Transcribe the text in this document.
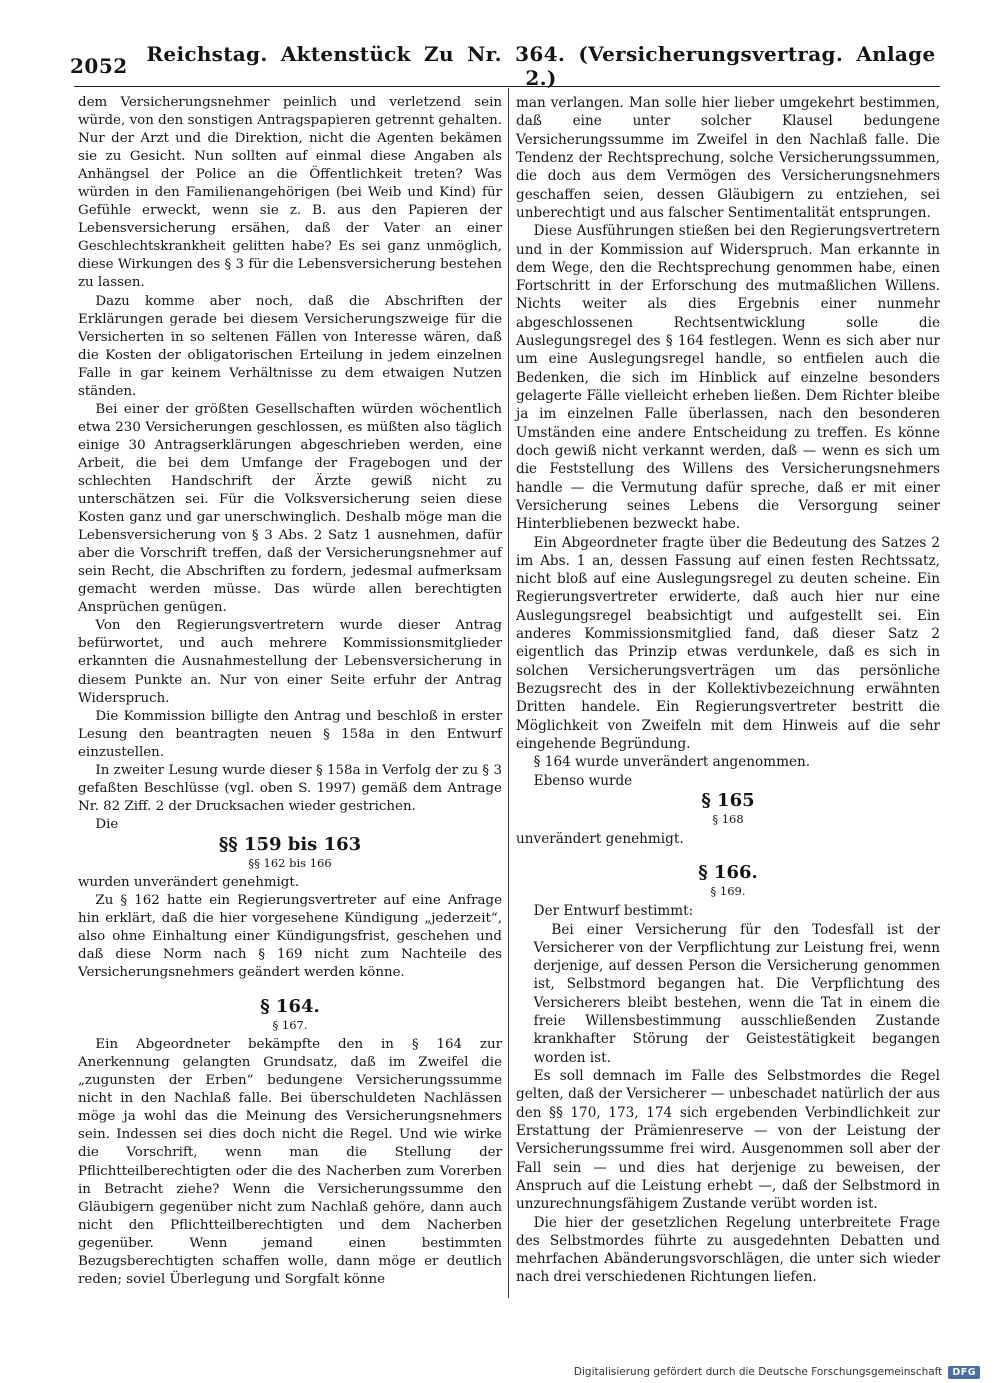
2052 Reichstag. Aktenstück Zu Nr. 364. (Versicherungsvertrag. Anlage 2.)

dem Versicherungsnehmer peinlich und verletzend sein würde, von den sonstigen Antragspapieren getrennt gehalten. Nur der Arzt und die Direktion, nicht die Agenten bekämen sie zu Gesicht. Nun sollten auf einmal diese Angaben als Anhängsel der Police an die Öffentlichkeit treten? Was würden in den Familienangehörigen (bei Weib und Kind) für Gefühle erweckt, wenn sie z. B. aus den Papieren der Lebensversicherung ersähen, daß der Vater an einer Geschlechtskrankheit gelitten habe? Es sei ganz unmöglich, diese Wirkungen des § 3 für die Lebensversicherung bestehen zu lassen.

Dazu komme aber noch, daß die Abschriften der Erklärungen gerade bei diesem Versicherungszweige für die Versicherten in so seltenen Fällen von Interesse wären, daß die Kosten der obligatorischen Erteilung in jedem einzelnen Falle in gar keinem Verhältnisse zu dem etwaigen Nutzen ständen.

Bei einer der größten Gesellschaften würden wöchentlich etwa 230 Versicherungen geschlossen, es müßten also täglich einige 30 Antragserklärungen abgeschrieben werden, eine Arbeit, die bei dem Umfange der Fragebogen und der schlechten Handschrift der Ärzte gewiß nicht zu unterschätzen sei. Für die Volksversicherung seien diese Kosten ganz und gar unerschwinglich. Deshalb möge man die Lebensversicherung von § 3 Abs. 2 Satz 1 ausnehmen, dafür aber die Vorschrift treffen, daß der Versicherungsnehmer auf sein Recht, die Abschriften zu fordern, jedesmal aufmerksam gemacht werden müsse. Das würde allen berechtigten Ansprüchen genügen.

Von den Regierungsvertretern wurde dieser Antrag befürwortet, und auch mehrere Kommissionsmitglieder erkannten die Ausnahmestellung der Lebensversicherung in diesem Punkte an. Nur von einer Seite erfuhr der Antrag Widerspruch.

Die Kommission billigte den Antrag und beschloß in erster Lesung den beantragten neuen § 158a in den Entwurf einzustellen.

In zweiter Lesung wurde dieser § 158a in Verfolg der zu § 3 gefaßten Beschlüsse (vgl. oben S. 1997) gemäß dem Antrage Nr. 82 Ziff. 2 der Drucksachen wieder gestrichen.

Die

§§ 159 bis 163
§§ 162 bis 166

wurden unverändert genehmigt.

Zu § 162 hatte ein Regierungsvertreter auf eine Anfrage hin erklärt, daß die hier vorgesehene Kündigung „jederzeit“, also ohne Einhaltung einer Kündigungsfrist, geschehen und daß diese Norm nach § 169 nicht zum Nachteile des Versicherungsnehmers geändert werden könne.

§ 164.
§ 167.

Ein Abgeordneter bekämpfte den in § 164 zur Anerkennung gelangten Grundsatz, daß im Zweifel die „zugunsten der Erben“ bedungene Versicherungssumme nicht in den Nachlaß falle. Bei überschuldeten Nachlässen möge ja wohl das die Meinung des Versicherungsnehmers sein. Indessen sei dies doch nicht die Regel. Und wie wirke die Vorschrift, wenn man die Stellung der Pflichtteilberechtigten oder die des Nacherben zum Vorerben in Betracht ziehe? Wenn die Versicherungssumme den Gläubigern gegenüber nicht zum Nachlaß gehöre, dann auch nicht den Pflichtteilberechtigten und dem Nacherben gegenüber. Wenn jemand einen bestimmten Bezugsberechtigten schaffen wolle, dann möge er deutlich reden; soviel Überlegung und Sorgfalt könne

man verlangen. Man solle hier lieber umgekehrt bestimmen, daß eine unter solcher Klausel bedungene Versicherungssumme im Zweifel in den Nachlaß falle. Die Tendenz der Rechtsprechung, solche Versicherungssummen, die doch aus dem Vermögen des Versicherungsnehmers geschaffen seien, dessen Gläubigern zu entziehen, sei unberechtigt und aus falscher Sentimentalität entsprungen.

Diese Ausführungen stießen bei den Regierungsvertretern und in der Kommission auf Widerspruch. Man erkannte in dem Wege, den die Rechtsprechung genommen habe, einen Fortschritt in der Erforschung des mutmaßlichen Willens. Nichts weiter als dies Ergebnis einer nunmehr abgeschlossenen Rechtsentwicklung solle die Auslegungsregel des § 164 festlegen. Wenn es sich aber nur um eine Auslegungsregel handle, so entfielen auch die Bedenken, die sich im Hinblick auf einzelne besonders gelagerte Fälle vielleicht erheben ließen. Dem Richter bleibe ja im einzelnen Falle überlassen, nach den besonderen Umständen eine andere Entscheidung zu treffen. Es könne doch gewiß nicht verkannt werden, daß — wenn es sich um die Feststellung des Willens des Versicherungsnehmers handle — die Vermutung dafür spreche, daß er mit einer Versicherung seines Lebens die Versorgung seiner Hinterbliebenen bezweckt habe.

Ein Abgeordneter fragte über die Bedeutung des Satzes 2 im Abs. 1 an, dessen Fassung auf einen festen Rechtssatz, nicht bloß auf eine Auslegungsregel zu deuten scheine. Ein Regierungsvertreter erwiderte, daß auch hier nur eine Auslegungsregel beabsichtigt und aufgestellt sei. Ein anderes Kommissionsmitglied fand, daß dieser Satz 2 eigentlich das Prinzip etwas verdunkele, daß es sich in solchen Versicherungsverträgen um das persönliche Bezugsrecht des in der Kollektivbezeichnung erwähnten Dritten handele. Ein Regierungsvertreter bestritt die Möglichkeit von Zweifeln mit dem Hinweis auf die sehr eingehende Begründung.

§ 164 wurde unverändert angenommen.

Ebenso wurde

§ 165
§ 168

unverändert genehmigt.

§ 166.
§ 169.

Der Entwurf bestimmt:

Bei einer Versicherung für den Todesfall ist der Versicherer von der Verpflichtung zur Leistung frei, wenn derjenige, auf dessen Person die Versicherung genommen ist, Selbstmord begangen hat. Die Verpflichtung des Versicherers bleibt bestehen, wenn die Tat in einem die freie Willensbestimmung ausschließenden Zustande krankhafter Störung der Geistestätigkeit begangen worden ist.

Es soll demnach im Falle des Selbstmordes die Regel gelten, daß der Versicherer — unbeschadet natürlich der aus den §§ 170, 173, 174 sich ergebenden Verbindlichkeit zur Erstattung der Prämienreserve — von der Leistung der Versicherungssumme frei wird. Ausgenommen soll aber der Fall sein — und dies hat derjenige zu beweisen, der Anspruch auf die Leistung erhebt —, daß der Selbstmord in unzurechnungsfähigem Zustande verübt worden ist.

Die hier der gesetzlichen Regelung unterbreitete Frage des Selbstmordes führte zu ausgedehnten Debatten und mehrfachen Abänderungsvorschlägen, die unter sich wieder nach drei verschiedenen Richtungen liefen.

Digitalisierung gefördert durch die Deutsche Forschungsgemeinschaft	DFG
